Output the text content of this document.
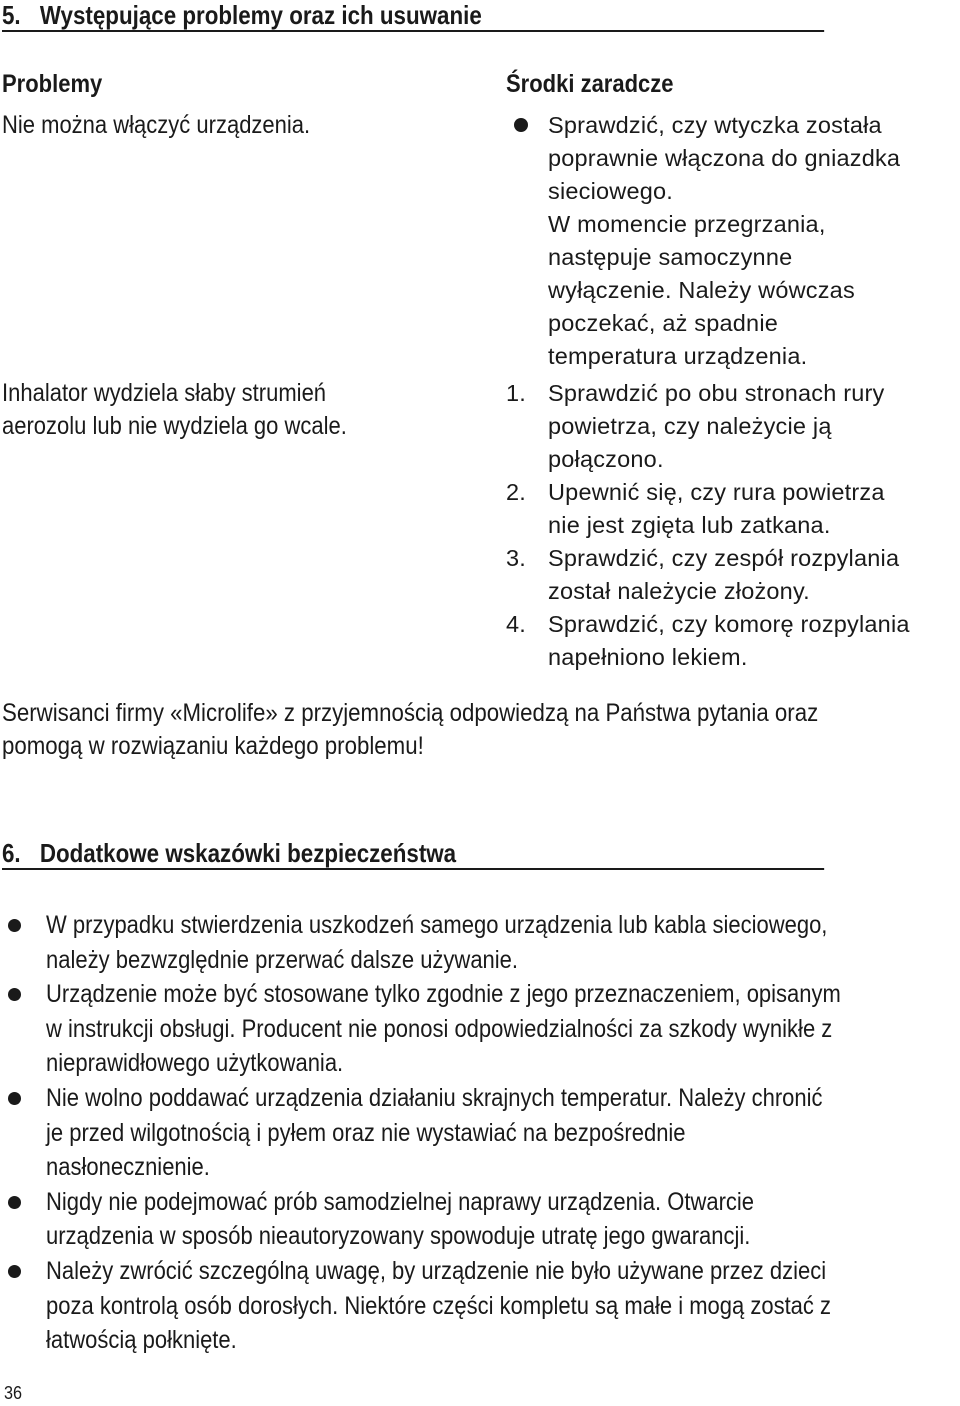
5. Występujące problemy oraz ich usuwanie
Problemy	Środki zaradcze
Nie można włączyć urządzenia.	Sprawdzić, czy wtyczka została
poprawnie włączona do gniazdka
sieciowego.
W momencie przegrzania,
następuje samoczynne
wyłączenie. Należy wówczas
poczekać, aż spadnie
temperatura urządzenia.
Inhalator wydziela słaby strumień
aerozolu lub nie wydziela go wcale.
1. Sprawdzić po obu stronach rury
powietrza, czy należycie ją
połączono.
2. Upewnić się, czy rura powietrza
nie jest zgięta lub zatkana.
3. Sprawdzić, czy zespół rozpylania
został należycie złożony.
4. Sprawdzić, czy komorę rozpylania
napełniono lekiem.
Serwisanci firmy «Microlife» z przyjemnością odpowiedzą na Państwa pytania oraz
pomogą w rozwiązaniu każdego problemu!
6. Dodatkowe wskazówki bezpieczeństwa
W przypadku stwierdzenia uszkodzeń samego urządzenia lub kabla sieciowego,
należy bezwzględnie przerwać dalsze używanie.
Urządzenie może być stosowane tylko zgodnie z jego przeznaczeniem, opisanym
w instrukcji obsługi. Producent nie ponosi odpowiedzialności za szkody wynikłe z
nieprawidłowego użytkowania.
Nie wolno poddawać urządzenia działaniu skrajnych temperatur. Należy chronić
je przed wilgotnością i pyłem oraz nie wystawiać na bezpośrednie
nasłonecznienie.
Nigdy nie podejmować prób samodzielnej naprawy urządzenia. Otwarcie
urządzenia w sposób nieautoryzowany spowoduje utratę jego gwarancji.
Należy zwrócić szczególną uwagę, by urządzenie nie było używane przez dzieci
poza kontrolą osób dorosłych. Niektóre części kompletu są małe i mogą zostać z
łatwością połknięte.
36
